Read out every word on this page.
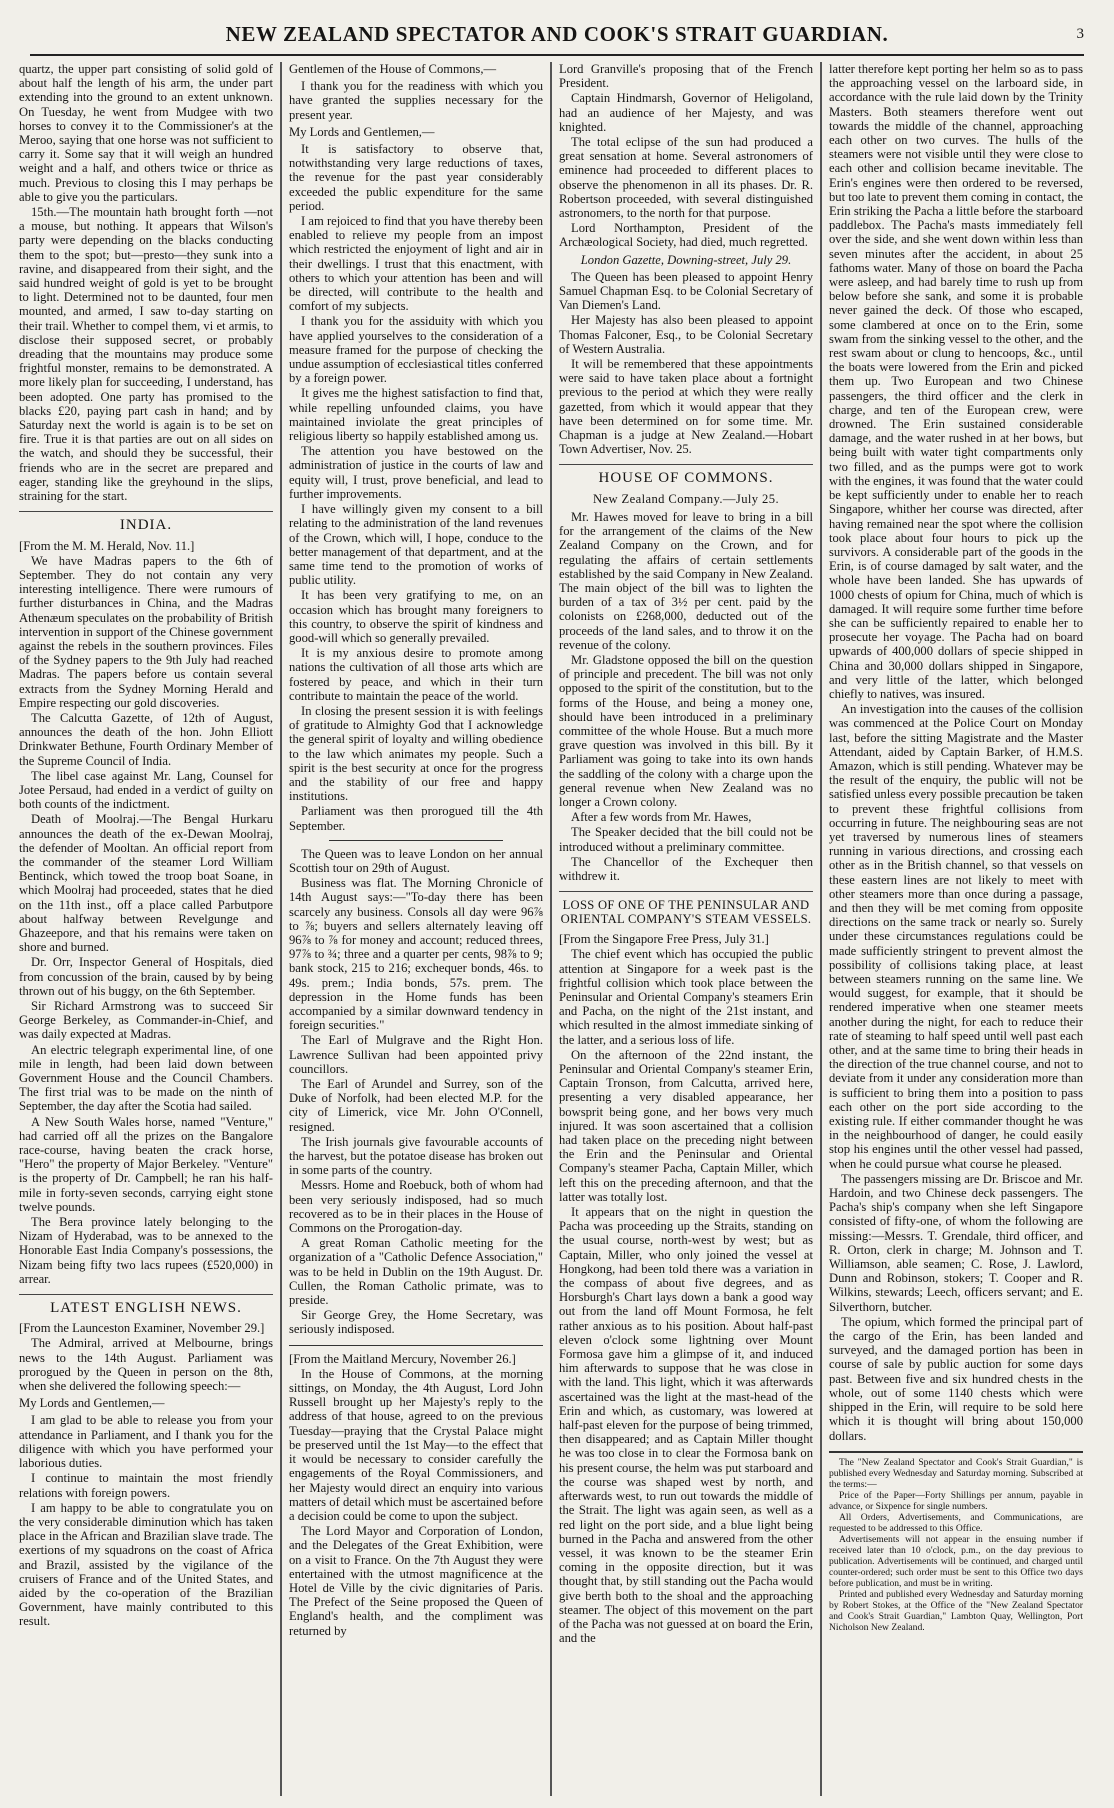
NEW ZEALAND SPECTATOR AND COOK'S STRAIT GUARDIAN.	3

quartz, the upper part consisting of solid gold of about half the length of his arm, the under part extending into the ground to an extent unknown. On Tuesday, he went from Mudgee with two horses to convey it to the Commissioner's at the Meroo, saying that one horse was not sufficient to carry it. Some say that it will weigh an hundred weight and a half, and others twice or thrice as much. Previous to closing this I may perhaps be able to give you the particulars.

15th.—The mountain hath brought forth —not a mouse, but nothing. It appears that Wilson's party were depending on the blacks conducting them to the spot; but—presto—they sunk into a ravine, and disappeared from their sight, and the said hundred weight of gold is yet to be brought to light. Determined not to be daunted, four men mounted, and armed, I saw to-day starting on their trail. Whether to compel them, vi et armis, to disclose their supposed secret, or probably dreading that the mountains may produce some frightful monster, remains to be demonstrated. A more likely plan for succeeding, I understand, has been adopted. One party has promised to the blacks £20, paying part cash in hand; and by Saturday next the world is again is to be set on fire. True it is that parties are out on all sides on the watch, and should they be successful, their friends who are in the secret are prepared and eager, standing like the greyhound in the slips, straining for the start.

INDIA.

[From the M. M. Herald, Nov. 11.]

We have Madras papers to the 6th of September. They do not contain any very interesting intelligence. There were rumours of further disturbances in China, and the Madras Athenæum speculates on the probability of British intervention in support of the Chinese government against the rebels in the southern provinces. Files of the Sydney papers to the 9th July had reached Madras. The papers before us contain several extracts from the Sydney Morning Herald and Empire respecting our gold discoveries.

The Calcutta Gazette, of 12th of August, announces the death of the hon. John Elliott Drinkwater Bethune, Fourth Ordinary Member of the Supreme Council of India.

The libel case against Mr. Lang, Counsel for Jotee Persaud, had ended in a verdict of guilty on both counts of the indictment.

Death of Moolraj.—The Bengal Hurkaru announces the death of the ex-Dewan Moolraj, the defender of Mooltan. An official report from the commander of the steamer Lord William Bentinck, which towed the troop boat Soane, in which Moolraj had proceeded, states that he died on the 11th inst., off a place called Parbutpore about halfway between Revelgunge and Ghazeepore, and that his remains were taken on shore and burned.

Dr. Orr, Inspector General of Hospitals, died from concussion of the brain, caused by by being thrown out of his buggy, on the 6th September.

Sir Richard Armstrong was to succeed Sir George Berkeley, as Commander-in-Chief, and was daily expected at Madras.

An electric telegraph experimental line, of one mile in length, had been laid down between Government House and the Council Chambers. The first trial was to be made on the ninth of September, the day after the Scotia had sailed.

A New South Wales horse, named "Venture," had carried off all the prizes on the Bangalore race-course, having beaten the crack horse, "Hero" the property of Major Berkeley. "Venture" is the property of Dr. Campbell; he ran his half-mile in forty-seven seconds, carrying eight stone twelve pounds.

The Bera province lately belonging to the Nizam of Hyderabad, was to be annexed to the Honorable East India Company's possessions, the Nizam being fifty two lacs rupees (£520,000) in arrear.

LATEST ENGLISH NEWS.

[From the Launceston Examiner, November 29.]

The Admiral, arrived at Melbourne, brings news to the 14th August. Parliament was prorogued by the Queen in person on the 8th, when she delivered the following speech:—

My Lords and Gentlemen,—

I am glad to be able to release you from your attendance in Parliament, and I thank you for the diligence with which you have performed your laborious duties.

I continue to maintain the most friendly relations with foreign powers.

I am happy to be able to congratulate you on the very considerable diminution which has taken place in the African and Brazilian slave trade. The exertions of my squadrons on the coast of Africa and Brazil, assisted by the vigilance of the cruisers of France and of the United States, and aided by the co-operation of the Brazilian Government, have mainly contributed to this result.

Gentlemen of the House of Commons,—

I thank you for the readiness with which you have granted the supplies necessary for the present year.

My Lords and Gentlemen,—

It is satisfactory to observe that, notwithstanding very large reductions of taxes, the revenue for the past year considerably exceeded the public expenditure for the same period.

I am rejoiced to find that you have thereby been enabled to relieve my people from an impost which restricted the enjoyment of light and air in their dwellings. I trust that this enactment, with others to which your attention has been and will be directed, will contribute to the health and comfort of my subjects.

I thank you for the assiduity with which you have applied yourselves to the consideration of a measure framed for the purpose of checking the undue assumption of ecclesiastical titles conferred by a foreign power.

It gives me the highest satisfaction to find that, while repelling unfounded claims, you have maintained inviolate the great principles of religious liberty so happily established among us.

The attention you have bestowed on the administration of justice in the courts of law and equity will, I trust, prove beneficial, and lead to further improvements.

I have willingly given my consent to a bill relating to the administration of the land revenues of the Crown, which will, I hope, conduce to the better management of that department, and at the same time tend to the promotion of works of public utility.

It has been very gratifying to me, on an occasion which has brought many foreigners to this country, to observe the spirit of kindness and good-will which so generally prevailed.

It is my anxious desire to promote among nations the cultivation of all those arts which are fostered by peace, and which in their turn contribute to maintain the peace of the world.

In closing the present session it is with feelings of gratitude to Almighty God that I acknowledge the general spirit of loyalty and willing obedience to the law which animates my people. Such a spirit is the best security at once for the progress and the stability of our free and happy institutions.

Parliament was then prorogued till the 4th September.

The Queen was to leave London on her annual Scottish tour on 29th of August.

Business was flat. The Morning Chronicle of 14th August says:—"To-day there has been scarcely any business. Consols all day were 96⅞ to ⅞; buyers and sellers alternately leaving off 96⅞ to ⅞ for money and account; reduced threes, 97⅞ to ¾; three and a quarter per cents, 98⅞ to 9; bank stock, 215 to 216; exchequer bonds, 46s. to 49s. prem.; India bonds, 57s. prem. The depression in the Home funds has been accompanied by a similar downward tendency in foreign securities."

The Earl of Mulgrave and the Right Hon. Lawrence Sullivan had been appointed privy councillors.

The Earl of Arundel and Surrey, son of the Duke of Norfolk, had been elected M.P. for the city of Limerick, vice Mr. John O'Connell, resigned.

The Irish journals give favourable accounts of the harvest, but the potatoe disease has broken out in some parts of the country.

Messrs. Home and Roebuck, both of whom had been very seriously indisposed, had so much recovered as to be in their places in the House of Commons on the Prorogation-day.

A great Roman Catholic meeting for the organization of a "Catholic Defence Association," was to be held in Dublin on the 19th August. Dr. Cullen, the Roman Catholic primate, was to preside.

Sir George Grey, the Home Secretary, was seriously indisposed.

[From the Maitland Mercury, November 26.]

In the House of Commons, at the morning sittings, on Monday, the 4th August, Lord John Russell brought up her Majesty's reply to the address of that house, agreed to on the previous Tuesday—praying that the Crystal Palace might be preserved until the 1st May—to the effect that it would be necessary to consider carefully the engagements of the Royal Commissioners, and her Majesty would direct an enquiry into various matters of detail which must be ascertained before a decision could be come to upon the subject.

The Lord Mayor and Corporation of London, and the Delegates of the Great Exhibition, were on a visit to France. On the 7th August they were entertained with the utmost magnificence at the Hotel de Ville by the civic dignitaries of Paris. The Prefect of the Seine proposed the Queen of England's health, and the compliment was returned by

Lord Granville's proposing that of the French President.

Captain Hindmarsh, Governor of Heligoland, had an audience of her Majesty, and was knighted.

The total eclipse of the sun had produced a great sensation at home. Several astronomers of eminence had proceeded to different places to observe the phenomenon in all its phases. Dr. R. Robertson proceeded, with several distinguished astronomers, to the north for that purpose.

Lord Northampton, President of the Archæological Society, had died, much regretted.

London Gazette, Downing-street, July 29.

The Queen has been pleased to appoint Henry Samuel Chapman Esq. to be Colonial Secretary of Van Diemen's Land.

Her Majesty has also been pleased to appoint Thomas Falconer, Esq., to be Colonial Secretary of Western Australia.

It will be remembered that these appointments were said to have taken place about a fortnight previous to the period at which they were really gazetted, from which it would appear that they have been determined on for some time. Mr. Chapman is a judge at New Zealand.—Hobart Town Advertiser, Nov. 25.

HOUSE OF COMMONS.
New Zealand Company.—July 25.

Mr. Hawes moved for leave to bring in a bill for the arrangement of the claims of the New Zealand Company on the Crown, and for regulating the affairs of certain settlements established by the said Company in New Zealand. The main object of the bill was to lighten the burden of a tax of 3½ per cent. paid by the colonists on £268,000, deducted out of the proceeds of the land sales, and to throw it on the revenue of the colony.

Mr. Gladstone opposed the bill on the question of principle and precedent. The bill was not only opposed to the spirit of the constitution, but to the forms of the House, and being a money one, should have been introduced in a preliminary committee of the whole House. But a much more grave question was involved in this bill. By it Parliament was going to take into its own hands the saddling of the colony with a charge upon the general revenue when New Zealand was no longer a Crown colony.

After a few words from Mr. Hawes,

The Speaker decided that the bill could not be introduced without a preliminary committee.

The Chancellor of the Exchequer then withdrew it.

LOSS OF ONE OF THE PENINSULAR AND ORIENTAL COMPANY'S STEAM VESSELS.

[From the Singapore Free Press, July 31.]

The chief event which has occupied the public attention at Singapore for a week past is the frightful collision which took place between the Peninsular and Oriental Company's steamers Erin and Pacha, on the night of the 21st instant, and which resulted in the almost immediate sinking of the latter, and a serious loss of life.

On the afternoon of the 22nd instant, the Peninsular and Oriental Company's steamer Erin, Captain Tronson, from Calcutta, arrived here, presenting a very disabled appearance, her bowsprit being gone, and her bows very much injured. It was soon ascertained that a collision had taken place on the preceding night between the Erin and the Peninsular and Oriental Company's steamer Pacha, Captain Miller, which left this on the preceding afternoon, and that the latter was totally lost.

It appears that on the night in question the Pacha was proceeding up the Straits, standing on the usual course, north-west by west; but as Captain, Miller, who only joined the vessel at Hongkong, had been told there was a variation in the compass of about five degrees, and as Horsburgh's Chart lays down a bank a good way out from the land off Mount Formosa, he felt rather anxious as to his position. About half-past eleven o'clock some lightning over Mount Formosa gave him a glimpse of it, and induced him afterwards to suppose that he was close in with the land. This light, which it was afterwards ascertained was the light at the mast-head of the Erin and which, as customary, was lowered at half-past eleven for the purpose of being trimmed, then disappeared; and as Captain Miller thought he was too close in to clear the Formosa bank on his present course, the helm was put starboard and the course was shaped west by north, and afterwards west, to run out towards the middle of the Strait. The light was again seen, as well as a red light on the port side, and a blue light being burned in the Pacha and answered from the other vessel, it was known to be the steamer Erin coming in the opposite direction, but it was thought that, by still standing out the Pacha would give berth both to the shoal and the approaching steamer. The object of this movement on the part of the Pacha was not guessed at on board the Erin, and the

latter therefore kept porting her helm so as to pass the approaching vessel on the larboard side, in accordance with the rule laid down by the Trinity Masters. Both steamers therefore went out towards the middle of the channel, approaching each other on two curves. The hulls of the steamers were not visible until they were close to each other and collision became inevitable. The Erin's engines were then ordered to be reversed, but too late to prevent them coming in contact, the Erin striking the Pacha a little before the starboard paddlebox. The Pacha's masts immediately fell over the side, and she went down within less than seven minutes after the accident, in about 25 fathoms water. Many of those on board the Pacha were asleep, and had barely time to rush up from below before she sank, and some it is probable never gained the deck. Of those who escaped, some clambered at once on to the Erin, some swam from the sinking vessel to the other, and the rest swam about or clung to hencoops, &c., until the boats were lowered from the Erin and picked them up. Two European and two Chinese passengers, the third officer and the clerk in charge, and ten of the European crew, were drowned. The Erin sustained considerable damage, and the water rushed in at her bows, but being built with water tight compartments only two filled, and as the pumps were got to work with the engines, it was found that the water could be kept sufficiently under to enable her to reach Singapore, whither her course was directed, after having remained near the spot where the collision took place about four hours to pick up the survivors. A considerable part of the goods in the Erin, is of course damaged by salt water, and the whole have been landed. She has upwards of 1000 chests of opium for China, much of which is damaged. It will require some further time before she can be sufficiently repaired to enable her to prosecute her voyage. The Pacha had on board upwards of 400,000 dollars of specie shipped in China and 30,000 dollars shipped in Singapore, and very little of the latter, which belonged chiefly to natives, was insured.

An investigation into the causes of the collision was commenced at the Police Court on Monday last, before the sitting Magistrate and the Master Attendant, aided by Captain Barker, of H.M.S. Amazon, which is still pending. Whatever may be the result of the enquiry, the public will not be satisfied unless every possible precaution be taken to prevent these frightful collisions from occurring in future. The neighbouring seas are not yet traversed by numerous lines of steamers running in various directions, and crossing each other as in the British channel, so that vessels on these eastern lines are not likely to meet with other steamers more than once during a passage, and then they will be met coming from opposite directions on the same track or nearly so. Surely under these circumstances regulations could be made sufficiently stringent to prevent almost the possibility of collisions taking place, at least between steamers running on the same line. We would suggest, for example, that it should be rendered imperative when one steamer meets another during the night, for each to reduce their rate of steaming to half speed until well past each other, and at the same time to bring their heads in the direction of the true channel course, and not to deviate from it under any consideration more than is sufficient to bring them into a position to pass each other on the port side according to the existing rule. If either commander thought he was in the neighbourhood of danger, he could easily stop his engines until the other vessel had passed, when he could pursue what course he pleased.

The passengers missing are Dr. Briscoe and Mr. Hardoin, and two Chinese deck passengers. The Pacha's ship's company when she left Singapore consisted of fifty-one, of whom the following are missing:—Messrs. T. Grendale, third officer, and R. Orton, clerk in charge; M. Johnson and T. Williamson, able seamen; C. Rose, J. Lawlord, Dunn and Robinson, stokers; T. Cooper and R. Wilkins, stewards; Leech, officers servant; and E. Silverthorn, butcher.

The opium, which formed the principal part of the cargo of the Erin, has been landed and surveyed, and the damaged portion has been in course of sale by public auction for some days past. Between five and six hundred chests in the whole, out of some 1140 chests which were shipped in the Erin, will require to be sold here which it is thought will bring about 150,000 dollars.

The "New Zealand Spectator and Cook's Strait Guardian," is published every Wednesday and Saturday morning. Subscribed at the terms:—

Price of the Paper—Forty Shillings per annum, payable in advance, or Sixpence for single numbers.

All Orders, Advertisements, and Communications, are requested to be addressed to this Office.

Advertisements will not appear in the ensuing number if received later than 10 o'clock, p.m., on the day previous to publication. Advertisements will be continued, and charged until counter-ordered; such order must be sent to this Office two days before publication, and must be in writing.

Printed and published every Wednesday and Saturday morning by Robert Stokes, at the Office of the "New Zealand Spectator and Cook's Strait Guardian," Lambton Quay, Wellington, Port Nicholson New Zealand.
